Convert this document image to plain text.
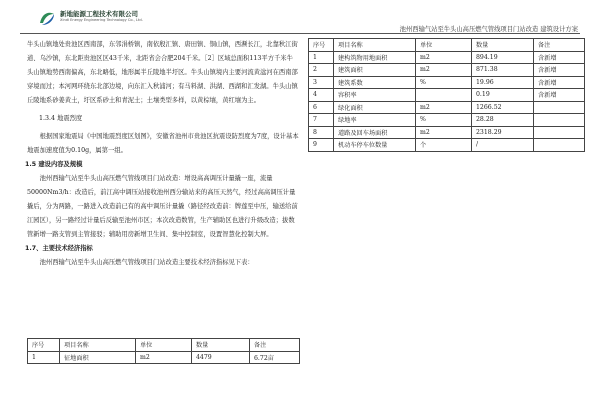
新地能源工程技术有限公司
Xindi Energy Engineering Technology Co., Ltd.
池州西输气站至牛头山高压燃气管线项目门站改造 建筑设计方案

牛头山镇地处贵池区西南部，东邻涓桥镇，南依殷汇镇、唐田镇、铜山镇，西濒长江，北靠秋江街道、乌沙镇，东北距贵池区区43千米，北距省会合肥204千米。［2］区域总面积113平方千米牛头山镇地势西南偏高，东北略低，地形属半丘陵地半圩区。牛头山镇境内主要河流黄湓河在西南部穿境而过；本河网环绕东北部边境，向东汇入秋浦河；有马料湖、洪湖、西湖和汇发湖。牛头山镇丘陵地系砂姜黄土，圩区系砂土和青泥土；土壤类型多样，以黄棕壤，黄红壤为主。

1.3.4 地震烈度

根据国家地震局《中国地震烈度区划图》，安徽省池州市贵池区抗震设防烈度为7度，设计基本地震加速度值为0.10g，属第一组。

1.5 建设内容及规模

池州西输气站至牛头山高压燃气管线项目门站改造：增设高高调压计量撬一座，流量50000Nm3/h：改造后，前江高中调压站接收池州西分输站来的高压天然气，经过高高调压计量撬后，分为两路，一路进入改造前已有的高中调压计量撬（路径经改造前：牌莲至中压，输送给前江园区），另一路经过计量后反输至池州市区；本次改造数管，生产辅助区也进行升级改造；拔数管新增一路支管到主管接驳；辅助用房新增卫生间、集中控制室，设置智慧化控制大屏。

1.7、主要技术经济指标

池州西输气站至牛头山高压燃气管线项目门站改造主要技术经济指标见下表：

序号	项目名称	单位	数量	备注
1	建构筑物用地面积	m2	894.19	含新增
2	建筑面积	m2	871.38	含新增
3	建筑系数	%	19.96	含新增
4	容积率		0.19	含新增
6	绿化面积	m2	1266.52	
7	绿地率	%	28.28	
8	道路及回车场面积	m2	2318.29	
9	机动车停车位数量	个	/	
序号	项目名称	单位	数量	备注
1	征地面积	m2	4479	6.72亩
